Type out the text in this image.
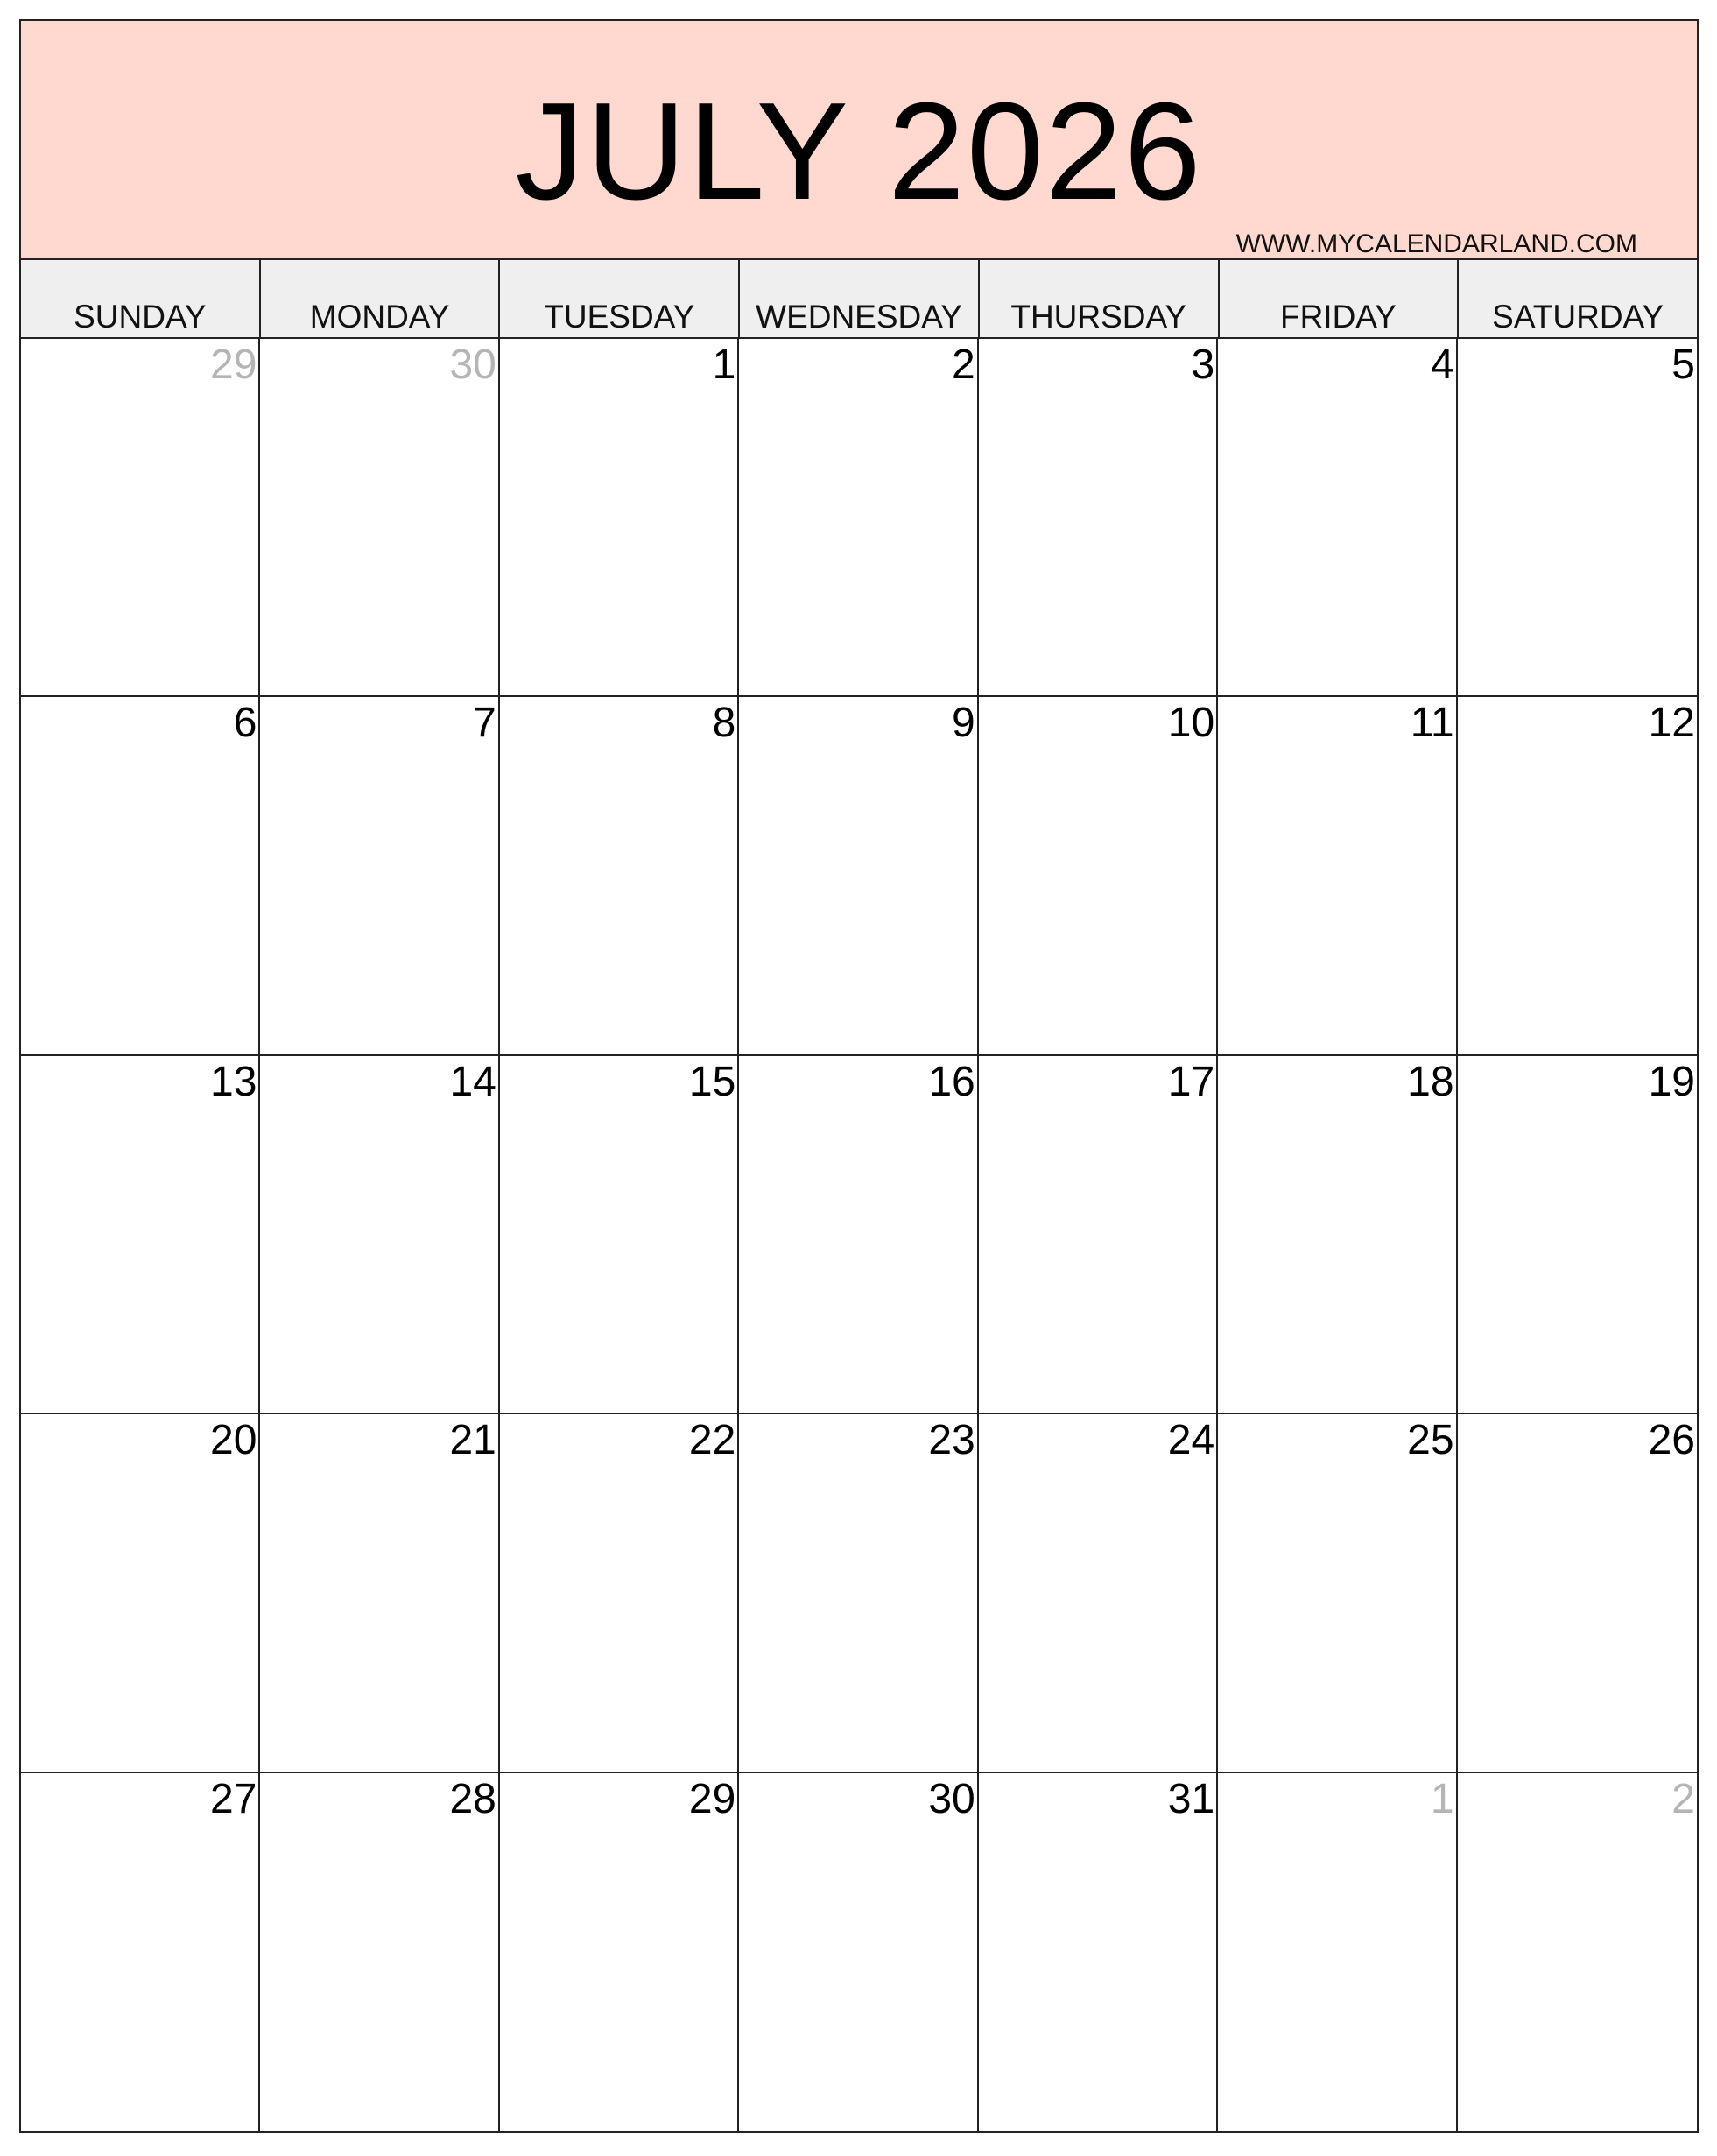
JULY 2026
WWW.MYCALENDARLAND.COM
SUNDAY	MONDAY	TUESDAY	WEDNESDAY	THURSDAY	FRIDAY	SATURDAY
29	30	1	2	3	4	5
6	7	8	9	10	11	12
13	14	15	16	17	18	19
20	21	22	23	24	25	26
27	28	29	30	31	1	2
